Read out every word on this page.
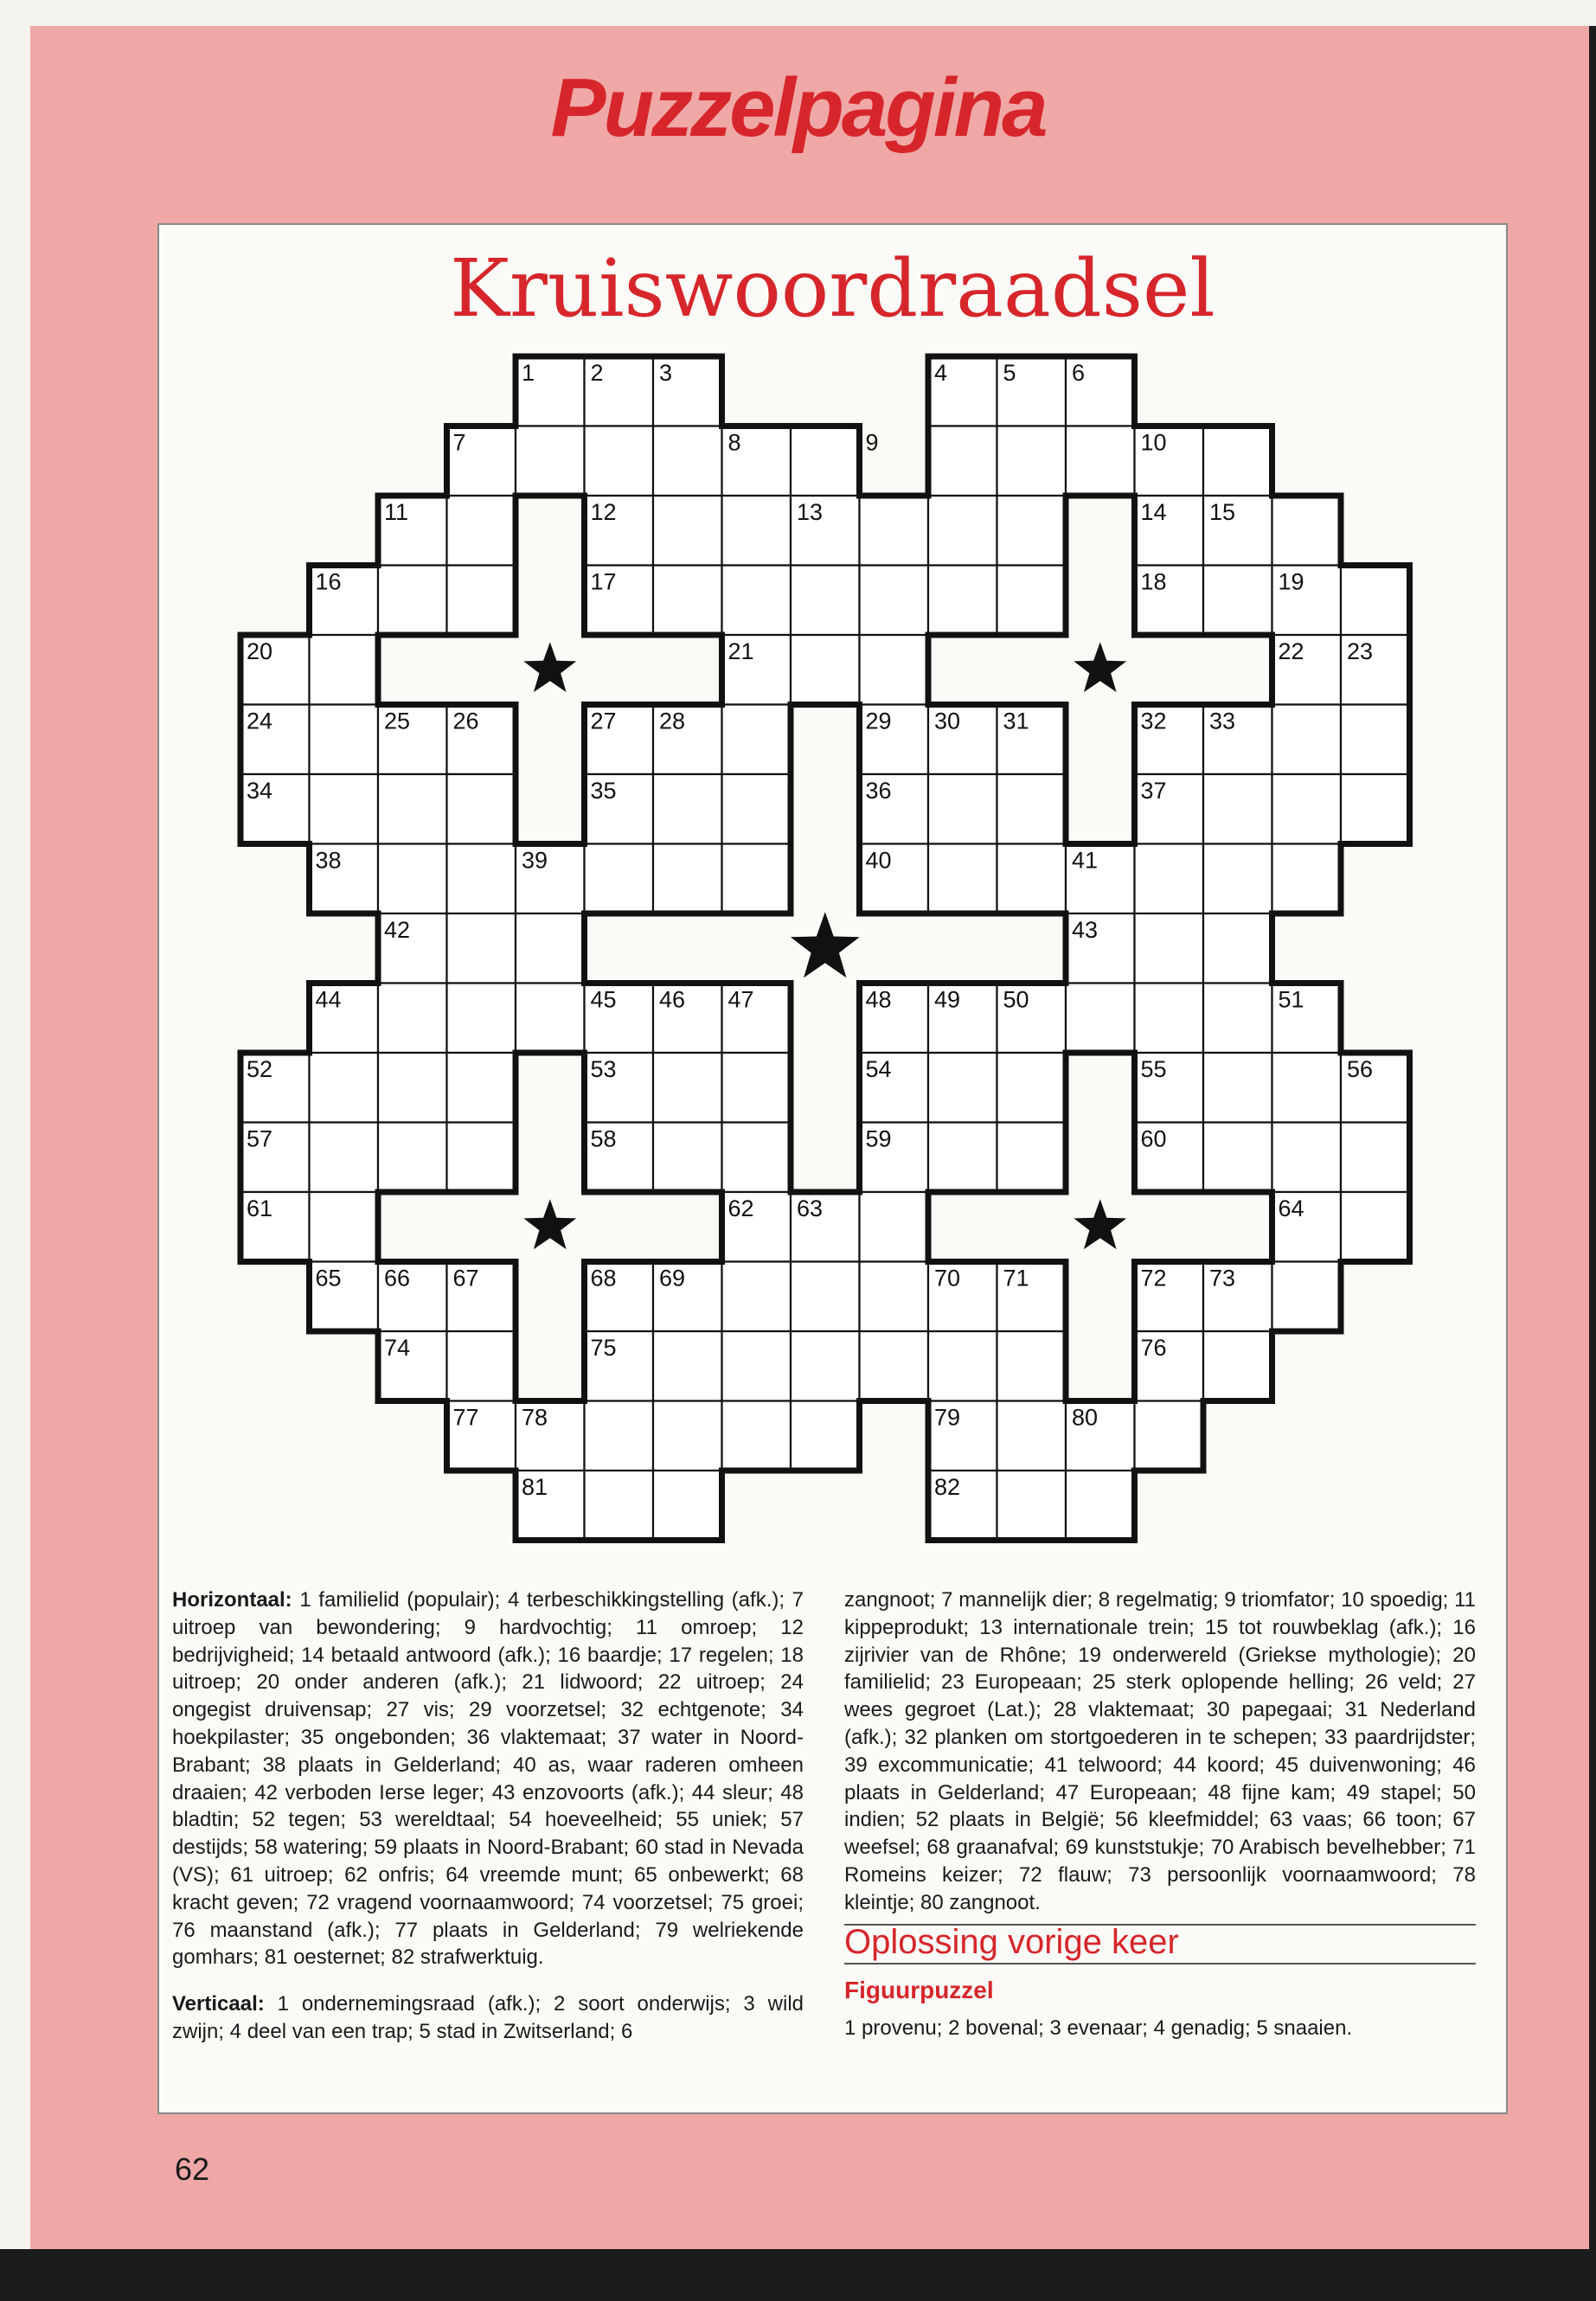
Puzzelpagina
Kruiswoordraadsel
1 2 3	4 5 6
7	8	9	10
11	12	13	14 15
16	17	18	19
20	21	22 23
24	25 26	27 28	29 30 31	32 33
34	35	36	37
38	39	40	41
42	43
44	45 46 47	48 49 50	51
52	53	54	55	56
57	58	59	60
61	62 63	64
65 66 67	68 69	70 71	72 73
74	75	76
77 78	79	80
81	82

Horizontaal: 1 familielid (populair); 4 terbeschikkingstelling (afk.); 7 uitroep van bewondering; 9 hardvochtig; 11 omroep; 12 bedrijvigheid; 14 betaald antwoord (afk.); 16 baardje; 17 regelen; 18 uitroep; 20 onder anderen (afk.); 21 lidwoord; 22 uitroep; 24 ongegist druivensap; 27 vis; 29 voorzetsel; 32 echtgenote; 34 hoekpilaster; 35 ongebonden; 36 vlaktemaat; 37 water in Noord-Brabant; 38 plaats in Gelderland; 40 as, waar raderen omheen draaien; 42 verboden Ierse leger; 43 enzovoorts (afk.); 44 sleur; 48 bladtin; 52 tegen; 53 wereldtaal; 54 hoeveelheid; 55 uniek; 57 destijds; 58 watering; 59 plaats in Noord-Brabant; 60 stad in Nevada (VS); 61 uitroep; 62 onfris; 64 vreemde munt; 65 onbewerkt; 68 kracht geven; 72 vragend voornaamwoord; 74 voorzetsel; 75 groei; 76 maanstand (afk.); 77 plaats in Gelderland; 79 welriekende gomhars; 81 oesternet; 82 strafwerktuig.

Verticaal: 1 ondernemingsraad (afk.); 2 soort onderwijs; 3 wild zwijn; 4 deel van een trap; 5 stad in Zwitserland; 6

zangnoot; 7 mannelijk dier; 8 regelmatig; 9 triomfator; 10 spoedig; 11 kippeprodukt; 13 internationale trein; 15 tot rouwbeklag (afk.); 16 zijrivier van de Rhône; 19 onderwereld (Griekse mythologie); 20 familielid; 23 Europeaan; 25 sterk oplopende helling; 26 veld; 27 wees gegroet (Lat.); 28 vlaktemaat; 30 papegaai; 31 Nederland (afk.); 32 planken om stortgoederen in te schepen; 33 paardrijdster; 39 excommunicatie; 41 telwoord; 44 koord; 45 duivenwoning; 46 plaats in Gelderland; 47 Europeaan; 48 fijne kam; 49 stapel; 50 indien; 52 plaats in België; 56 kleefmiddel; 63 vaas; 66 toon; 67 weefsel; 68 graanafval; 69 kunststukje; 70 Arabisch bevelhebber; 71 Romeins keizer; 72 flauw; 73 persoonlijk voornaamwoord; 78 kleintje; 80 zangnoot.
Oplossing vorige keer
Figuurpuzzel
1 provenu; 2 bovenal; 3 evenaar; 4 genadig; 5 snaaien.
62
